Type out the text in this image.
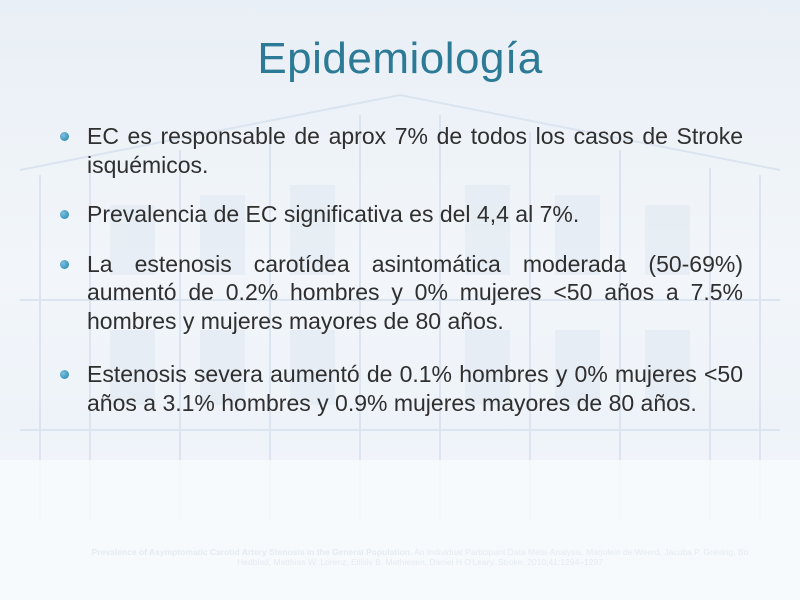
Epidemiología
EC es responsable de aprox 7% de todos los casos de Stroke isquémicos.
Prevalencia de EC significativa es del 4,4 al 7%.
La estenosis carotídea asintomática moderada (50-69%) aumentó de 0.2% hombres y 0% mujeres <50 años a 7.5% hombres y mujeres mayores de 80 años.
Estenosis severa aumentó de 0.1% hombres y 0% mujeres <50 años a 3.1% hombres y 0.9% mujeres mayores de 80 años.
Prevalence of Asymptomatic Carotid Artery Stenosis in the General Population. An Individual Participant Data Meta-Analysis. Marjolein de Weerd, Jacoba P. Greving, Bo Hedblad, Matthias W. Lorenz, Ellisiv B. Mathiesen, Daniel H O'Leary. Stroke. 2010;41:1294–1297
